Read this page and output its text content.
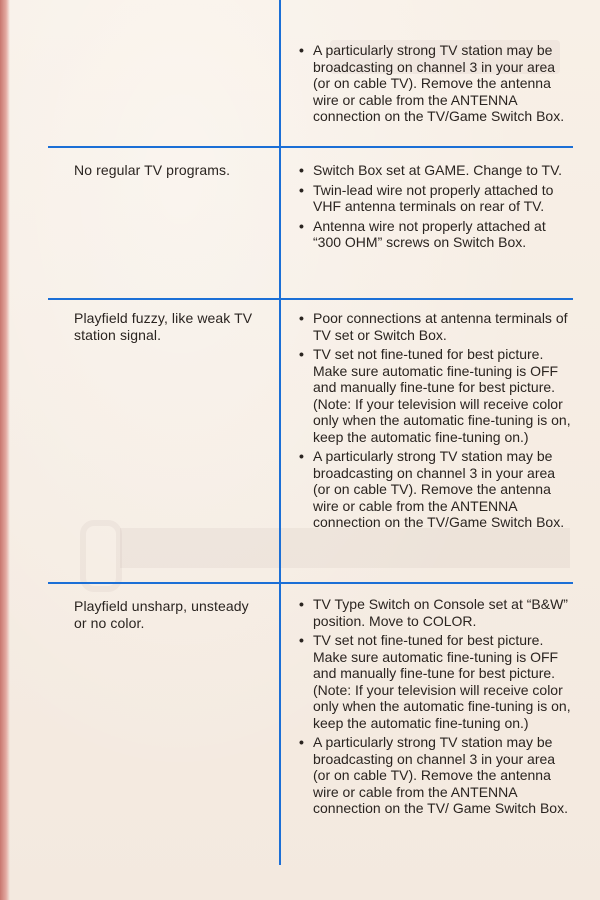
• A particularly strong TV station may be broadcasting on channel 3 in your area (or on cable TV). Remove the antenna wire or cable from the ANTENNA connection on the TV/Game Switch Box.
No regular TV programs.	• Switch Box set at GAME. Change to TV.
• Twin-lead wire not properly attached to VHF antenna terminals on rear of TV.
• Antenna wire not properly attached at “300 OHM” screws on Switch Box.
Playfield fuzzy, like weak TV station signal.
• Poor connections at antenna terminals of TV set or Switch Box.
• TV set not fine-tuned for best picture. Make sure automatic fine-tuning is OFF and manually fine-tune for best picture. (Note: If your television will receive color only when the automatic fine-tuning is on, keep the automatic fine-tuning on.)
• A particularly strong TV station may be broadcasting on channel 3 in your area (or on cable TV). Remove the antenna wire or cable from the ANTENNA connection on the TV/Game Switch Box.
Playfield unsharp, unsteady or no color.
• TV Type Switch on Console set at “B&W” position. Move to COLOR.
• TV set not fine-tuned for best picture. Make sure automatic fine-tuning is OFF and manually fine-tune for best picture. (Note: If your television will receive color only when the automatic fine-tuning is on, keep the automatic fine-tuning on.)
• A particularly strong TV station may be broadcasting on channel 3 in your area (or on cable TV). Remove the antenna wire or cable from the ANTENNA connection on the TV/ Game Switch Box.
